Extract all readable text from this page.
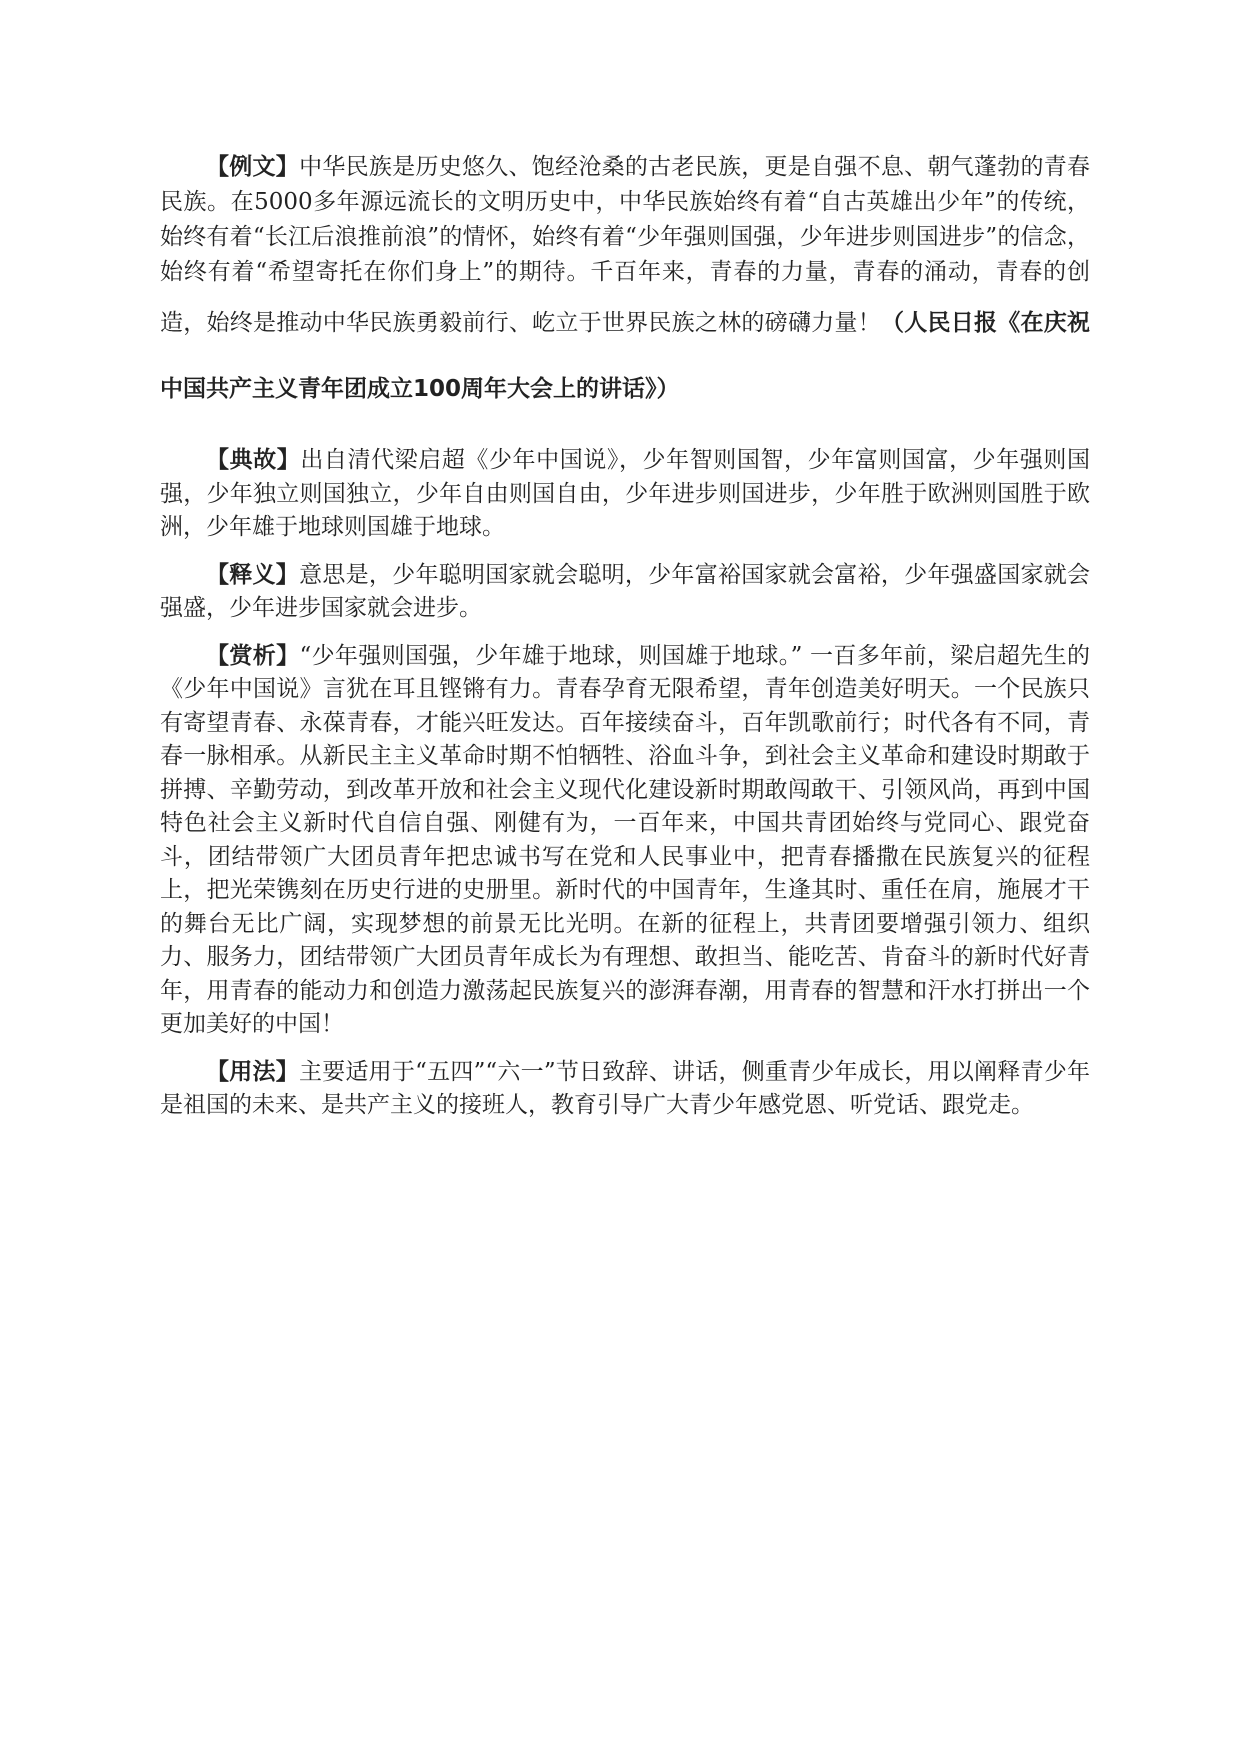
【例文】中华民族是历史悠久、饱经沧桑的古老民族，更是自强不息、朝气蓬勃的青春民族。在5000多年源远流长的文明历史中，中华民族始终有着“自古英雄出少年”的传统，始终有着“长江后浪推前浪”的情怀，始终有着“少年强则国强，少年进步则国进步”的信念，始终有着“希望寄托在你们身上”的期待。千百年来，青春的力量，青春的涌动，青春的创造，始终是推动中华民族勇毅前行、屹立于世界民族之林的磅礴力量！（人民日报《在庆祝中国共产主义青年团成立100周年大会上的讲话》）

【典故】出自清代梁启超《少年中国说》，少年智则国智，少年富则国富，少年强则国强，少年独立则国独立，少年自由则国自由，少年进步则国进步，少年胜于欧洲则国胜于欧洲，少年雄于地球则国雄于地球。

【释义】意思是，少年聪明国家就会聪明，少年富裕国家就会富裕，少年强盛国家就会强盛，少年进步国家就会进步。

【赏析】“少年强则国强，少年雄于地球，则国雄于地球。” 一百多年前，梁启超先生的《少年中国说》言犹在耳且铿锵有力。青春孕育无限希望，青年创造美好明天。一个民族只有寄望青春、永葆青春，才能兴旺发达。百年接续奋斗，百年凯歌前行；时代各有不同，青春一脉相承。从新民主主义革命时期不怕牺牲、浴血斗争，到社会主义革命和建设时期敢于拼搏、辛勤劳动，到改革开放和社会主义现代化建设新时期敢闯敢干、引领风尚，再到中国特色社会主义新时代自信自强、刚健有为，一百年来，中国共青团始终与党同心、跟党奋斗，团结带领广大团员青年把忠诚书写在党和人民事业中，把青春播撒在民族复兴的征程上，把光荣镌刻在历史行进的史册里。新时代的中国青年，生逢其时、重任在肩，施展才干的舞台无比广阔，实现梦想的前景无比光明。在新的征程上，共青团要增强引领力、组织力、服务力，团结带领广大团员青年成长为有理想、敢担当、能吃苦、肯奋斗的新时代好青年，用青春的能动力和创造力激荡起民族复兴的澎湃春潮，用青春的智慧和汗水打拼出一个更加美好的中国！

【用法】主要适用于“五四”“六一”节日致辞、讲话，侧重青少年成长，用以阐释青少年是祖国的未来、是共产主义的接班人，教育引导广大青少年感党恩、听党话、跟党走。
